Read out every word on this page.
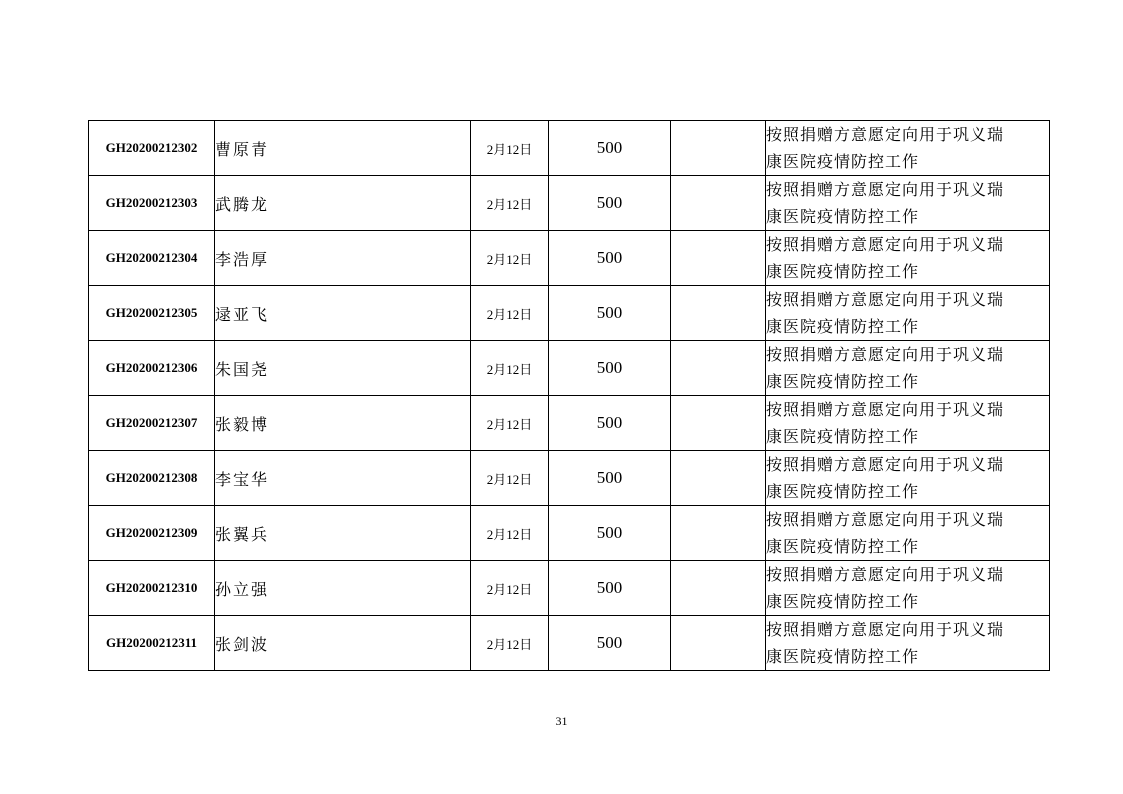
GH20200212302	曹原青	2月12日	500		按照捐赠方意愿定向用于巩义瑞
康医院疫情防控工作
GH20200212303	武腾龙	2月12日	500		按照捐赠方意愿定向用于巩义瑞
康医院疫情防控工作
GH20200212304	李浩厚	2月12日	500		按照捐赠方意愿定向用于巩义瑞
康医院疫情防控工作
GH20200212305	逯亚飞	2月12日	500		按照捐赠方意愿定向用于巩义瑞
康医院疫情防控工作
GH20200212306	朱国尧	2月12日	500		按照捐赠方意愿定向用于巩义瑞
康医院疫情防控工作
GH20200212307	张毅博	2月12日	500		按照捐赠方意愿定向用于巩义瑞
康医院疫情防控工作
GH20200212308	李宝华	2月12日	500		按照捐赠方意愿定向用于巩义瑞
康医院疫情防控工作
GH20200212309	张翼兵	2月12日	500		按照捐赠方意愿定向用于巩义瑞
康医院疫情防控工作
GH20200212310	孙立强	2月12日	500		按照捐赠方意愿定向用于巩义瑞
康医院疫情防控工作
GH20200212311	张剑波	2月12日	500		按照捐赠方意愿定向用于巩义瑞
康医院疫情防控工作
31
